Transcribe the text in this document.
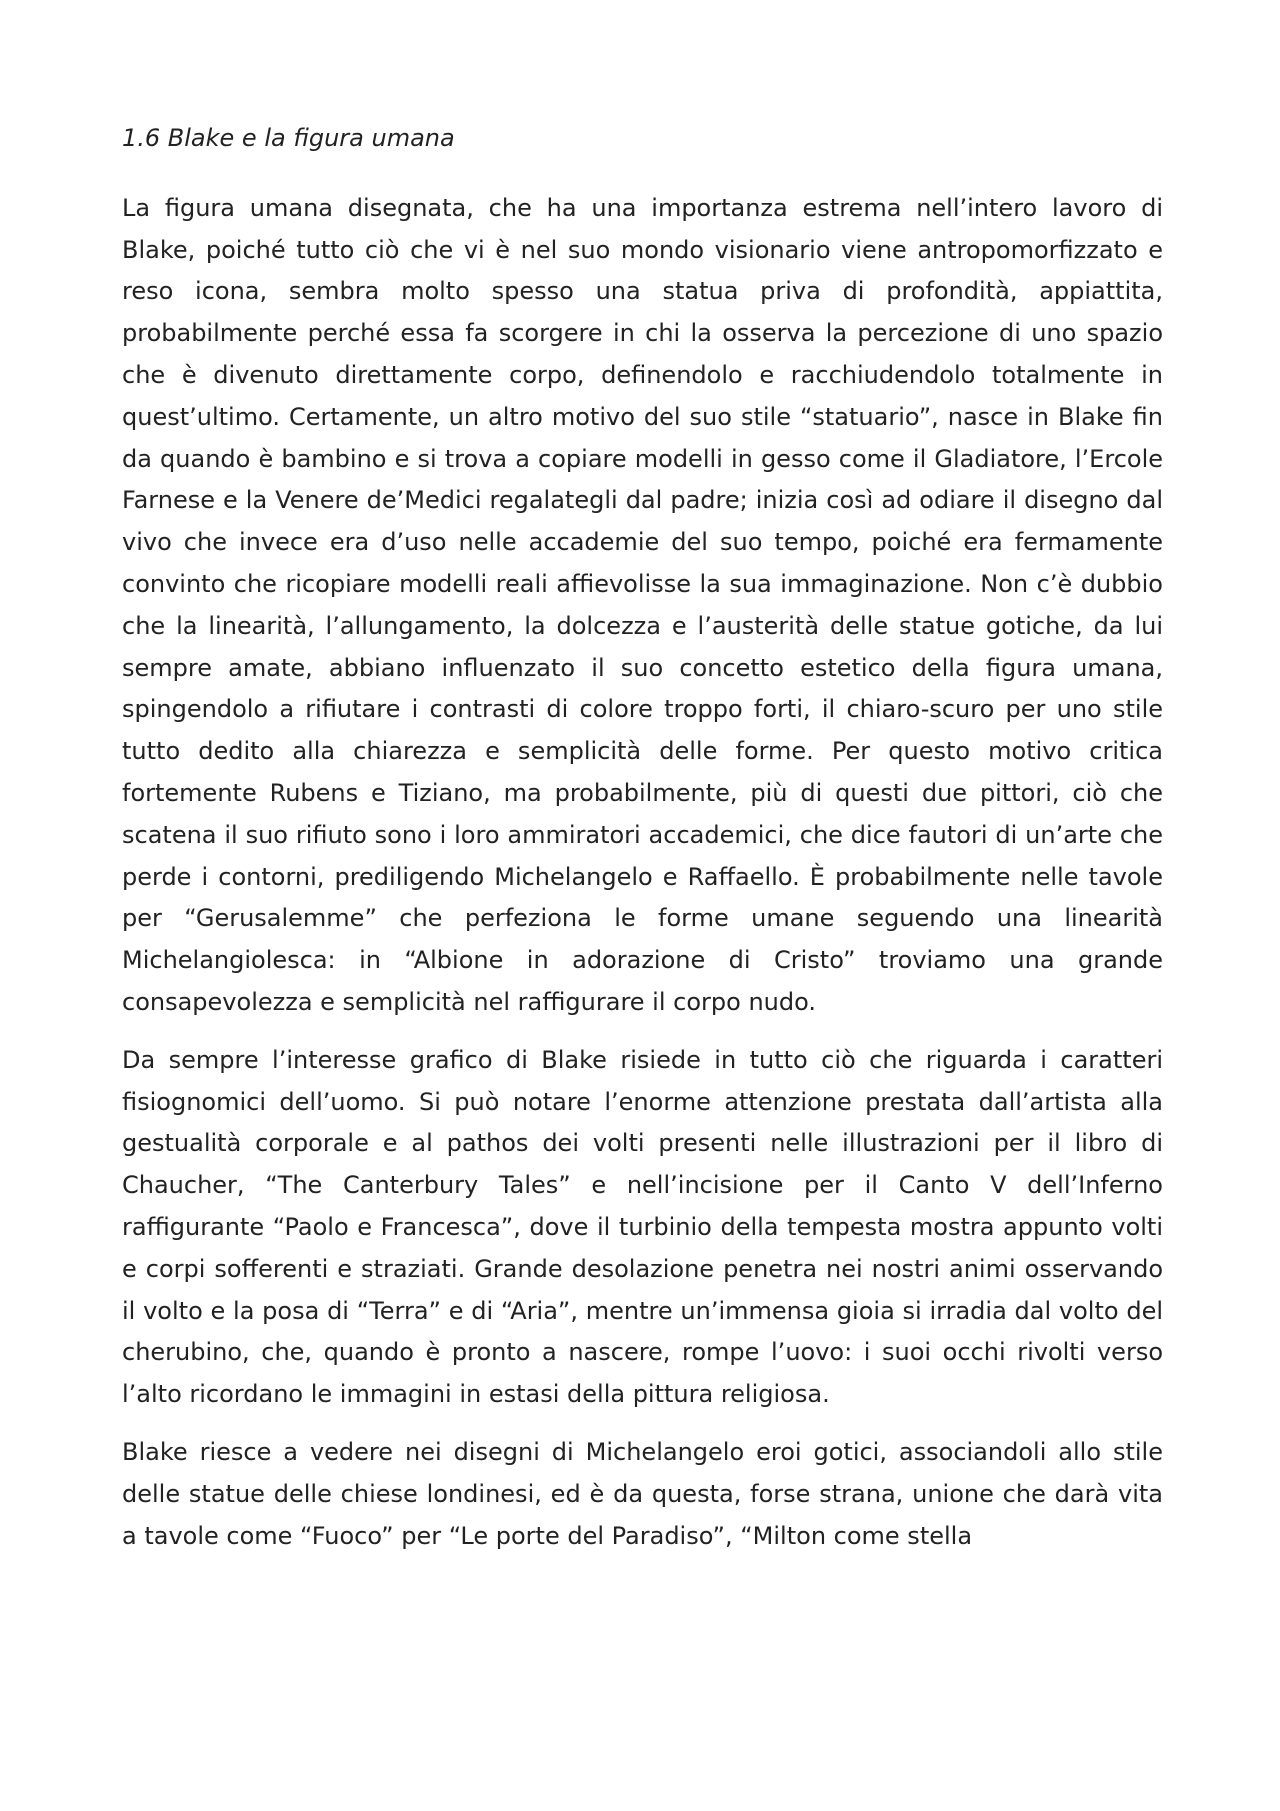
1.6 Blake e la figura umana

La figura umana disegnata, che ha una importanza estrema nell’intero lavoro di Blake, poiché tutto ciò che vi è nel suo mondo visionario viene antropomorfizzato e reso icona, sembra molto spesso una statua priva di profondità, appiattita, probabilmente perché essa fa scorgere in chi la osserva la percezione di uno spazio che è divenuto direttamente corpo, definendolo e racchiudendolo totalmente in quest’ultimo. Certamente, un altro motivo del suo stile “statuario”, nasce in Blake fin da quando è bambino e si trova a copiare modelli in gesso come il Gladiatore, l’Ercole Farnese e la Venere de’Medici regalategli dal padre; inizia così ad odiare il disegno dal vivo che invece era d’uso nelle accademie del suo tempo, poiché era fermamente convinto che ricopiare modelli reali affievolisse la sua immaginazione. Non c’è dubbio che la linearità, l’allungamento, la dolcezza e l’austerità delle statue gotiche, da lui sempre amate, abbiano influenzato il suo concetto estetico della figura umana, spingendolo a rifiutare i contrasti di colore troppo forti, il chiaro-scuro per uno stile tutto dedito alla chiarezza e semplicità delle forme. Per questo motivo critica fortemente Rubens e Tiziano, ma probabilmente, più di questi due pittori, ciò che scatena il suo rifiuto sono i loro ammiratori accademici, che dice fautori di un’arte che perde i contorni, prediligendo Michelangelo e Raffaello. È probabilmente nelle tavole per “Gerusalemme” che perfeziona le forme umane seguendo una linearità Michelangiolesca: in “Albione in adorazione di Cristo” troviamo una grande consapevolezza e semplicità nel raffigurare il corpo nudo.

Da sempre l’interesse grafico di Blake risiede in tutto ciò che riguarda i caratteri fisiognomici dell’uomo. Si può notare l’enorme attenzione prestata dall’artista alla gestualità corporale e al pathos dei volti presenti nelle illustrazioni per il libro di Chaucher, “The Canterbury Tales” e nell’incisione per il Canto V dell’Inferno raffigurante “Paolo e Francesca”, dove il turbinio della tempesta mostra appunto volti e corpi sofferenti e straziati. Grande desolazione penetra nei nostri animi osservando il volto e la posa di “Terra” e di “Aria”, mentre un’immensa gioia si irradia dal volto del cherubino, che, quando è pronto a nascere, rompe l’uovo: i suoi occhi rivolti verso l’alto ricordano le immagini in estasi della pittura religiosa.

Blake riesce a vedere nei disegni di Michelangelo eroi gotici, associandoli allo stile delle statue delle chiese londinesi, ed è da questa, forse strana, unione che darà vita a tavole come “Fuoco” per “Le porte del Paradiso”, “Milton come stella
